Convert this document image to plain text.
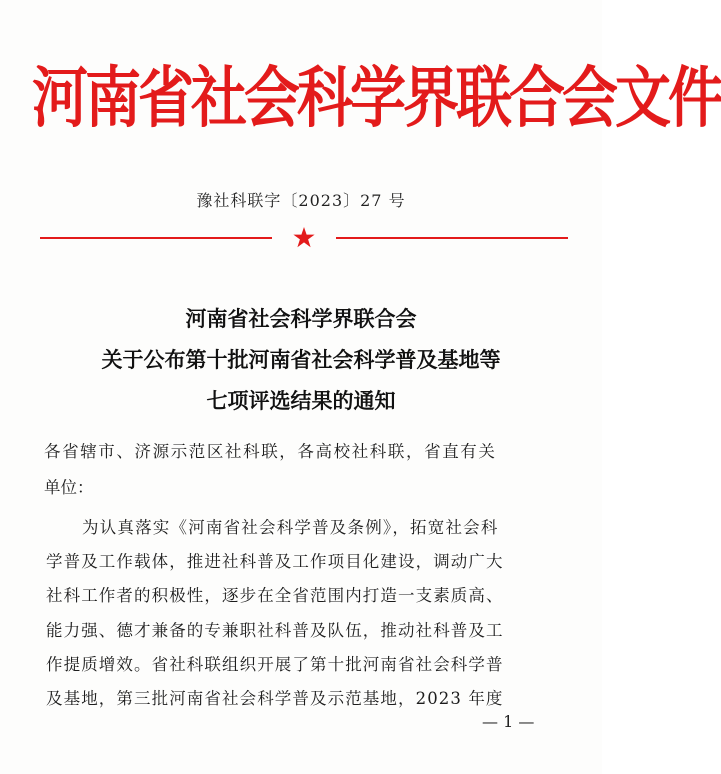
河南省社会科学界联合会文件
豫社科联字〔2023〕27 号
河南省社会科学界联合会
关于公布第十批河南省社会科学普及基地等
七项评选结果的通知
各省辖市、济源示范区社科联，各高校社科联，省直有关
单位：
为认真落实《河南省社会科学普及条例》，拓宽社会科
学普及工作载体，推进社科普及工作项目化建设，调动广大
社科工作者的积极性，逐步在全省范围内打造一支素质高、
能力强、德才兼备的专兼职社科普及队伍，推动社科普及工
作提质增效。省社科联组织开展了第十批河南省社会科学普
及基地，第三批河南省社会科学普及示范基地，2023 年度
— 1 —
